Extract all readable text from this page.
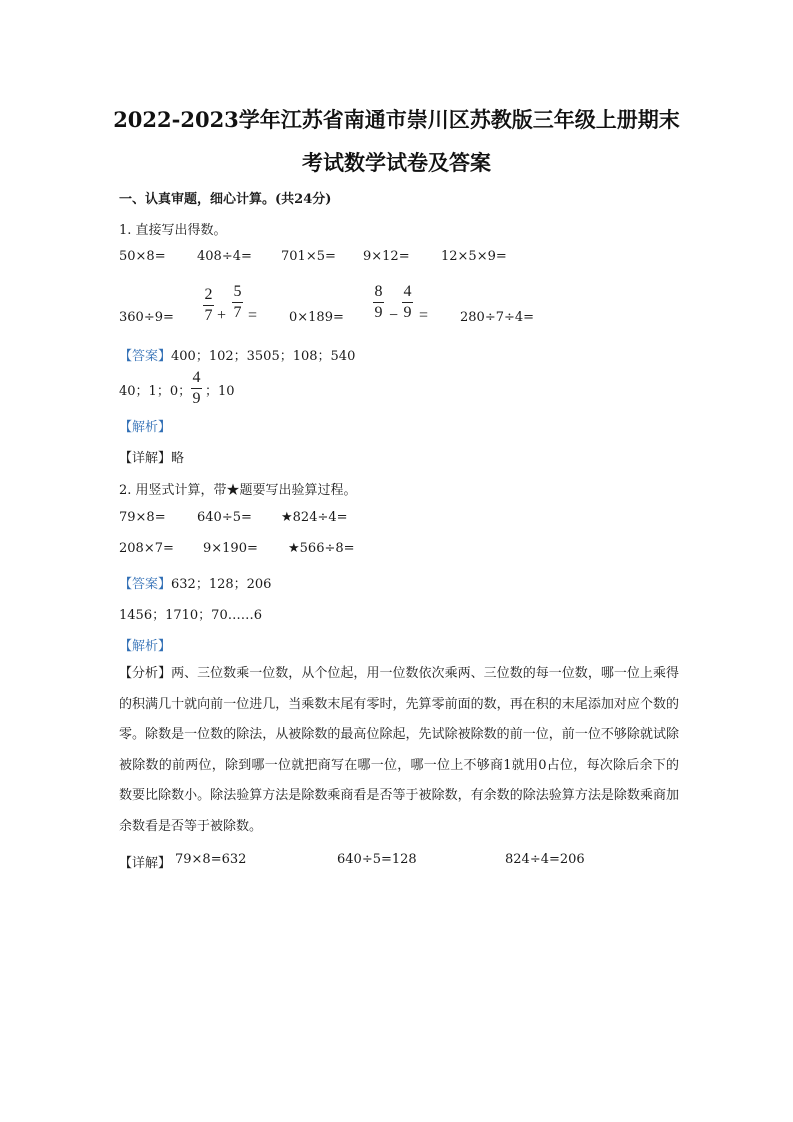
2022-2023学年江苏省南通市崇川区苏教版三年级上册期末
考试数学试卷及答案
一、认真审题，细心计算。(共24分)
1. 直接写出得数。
50×8= 408÷4= 701×5= 9×12= 12×5×9=
360÷9=
2
7 +
5
7 = 0×189=
8
9 −
4
9 = 280÷7÷4=
【答案】400；102；3505；108；540
40；1；0；
4
9 ；10
【解析】
【详解】略
2. 用竖式计算，带★题要写出验算过程。
79×8= 640÷5= ★824÷4=
208×7= 9×190= ★566÷8=
【答案】632；128；206
1456；1710；70……6
【解析】
【分析】两、三位数乘一位数，从个位起，用一位数依次乘两、三位数的每一位数，哪一位上乘得的积满几十就向前一位进几，当乘数末尾有零时，先算零前面的数，再在积的末尾添加对应个数的零。除数是一位数的除法，从被除数的最高位除起，先试除被除数的前一位，前一位不够除就试除被除数的前两位，除到哪一位就把商写在哪一位，哪一位上不够商1就用0占位，每次除后余下的数要比除数小。除法验算方法是除数乘商看是否等于被除数，有余数的除法验算方法是除数乘商加余数看是否等于被除数。
【详解】 79×8=632	640÷5=128	824÷4=206
